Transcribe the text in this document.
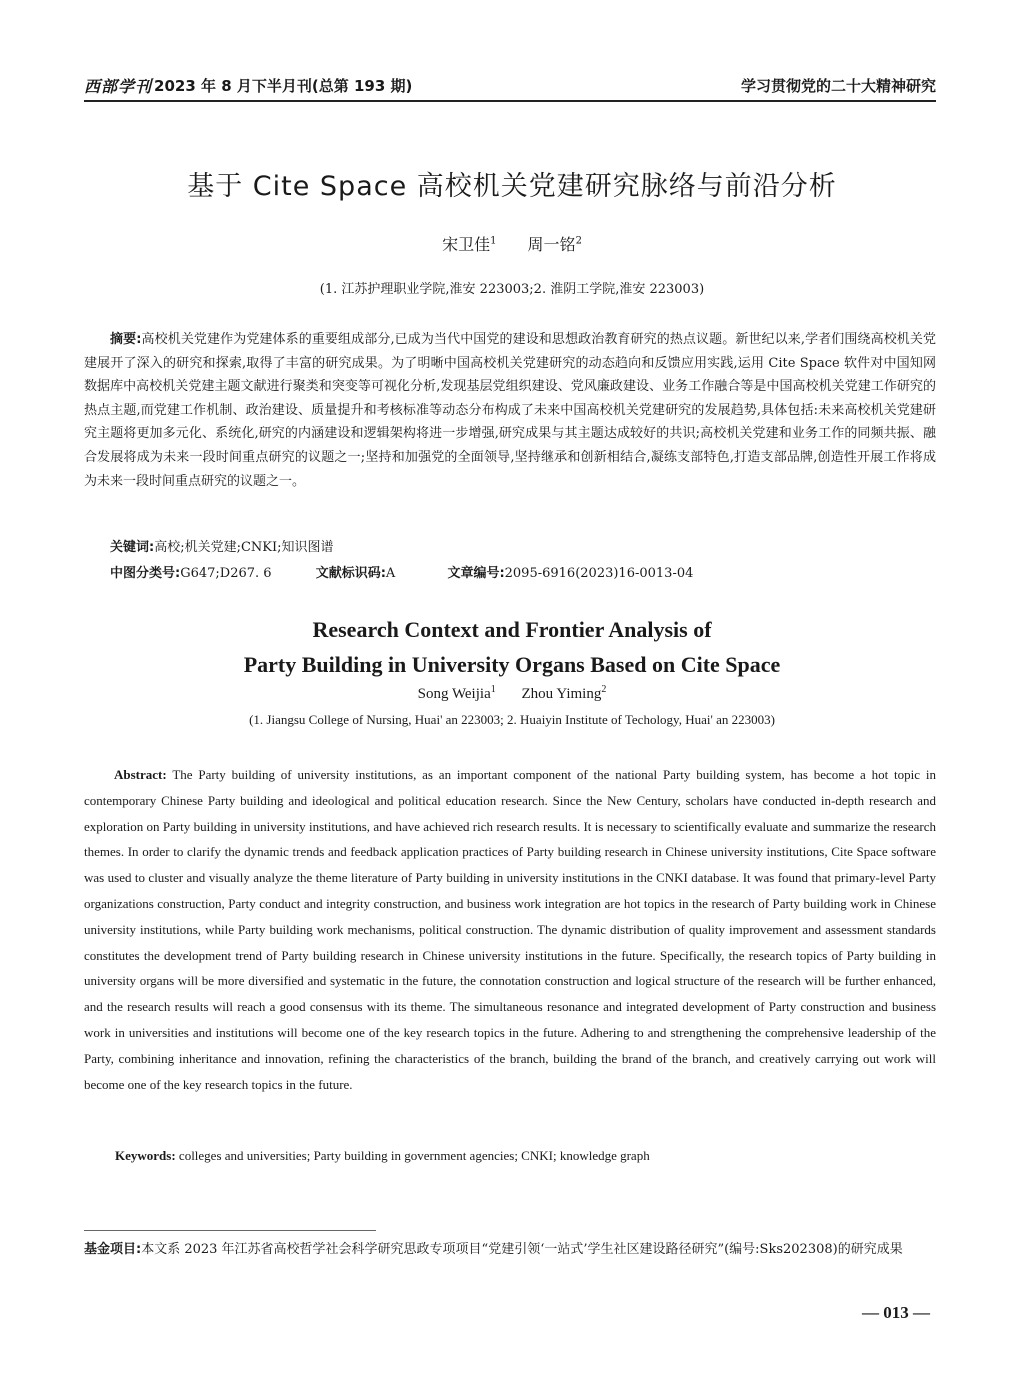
西部学刊 2023 年 8 月下半月刊(总第 193 期)	学习贯彻党的二十大精神研究
基于 Cite Space 高校机关党建研究脉络与前沿分析
宋卫佳$^1$ 周一铭$^2$
(1. 江苏护理职业学院,淮安 223003;2. 淮阴工学院,淮安 223003)
摘要:高校机关党建作为党建体系的重要组成部分,已成为当代中国党的建设和思想政治教育研究的热点议题。新世纪以来,学者们围绕高校机关党建展开了深入的研究和探索,取得了丰富的研究成果。为了明晰中国高校机关党建研究的动态趋向和反馈应用实践,运用 Cite Space 软件对中国知网数据库中高校机关党建主题文献进行聚类和突变等可视化分析,发现基层党组织建设、党风廉政建设、业务工作融合等是中国高校机关党建工作研究的热点主题,而党建工作机制、政治建设、质量提升和考核标准等动态分布构成了未来中国高校机关党建研究的发展趋势,具体包括:未来高校机关党建研究主题将更加多元化、系统化,研究的内涵建设和逻辑架构将进一步增强,研究成果与其主题达成较好的共识;高校机关党建和业务工作的同频共振、融合发展将成为未来一段时间重点研究的议题之一;坚持和加强党的全面领导,坚持继承和创新相结合,凝练支部特色,打造支部品牌,创造性开展工作将成为未来一段时间重点研究的议题之一。
关键词:高校;机关党建;CNKI;知识图谱
中图分类号:G647;D267. 6	文献标识码:A	文章编号:2095-6916(2023)16-0013-04
Research Context and Frontier Analysis of
Party Building in University Organs Based on Cite Space
Song Weijia$^1$ Zhou Yiming$^2$
(1. Jiangsu College of Nursing, Huai' an 223003; 2. Huaiyin Institute of Techology, Huai' an 223003)
Abstract: The Party building of university institutions, as an important component of the national Party building system, has become a hot topic in contemporary Chinese Party building and ideological and political education research. Since the New Century, scholars have conducted in-depth research and exploration on Party building in university institutions, and have achieved rich research results. It is necessary to scientifically evaluate and summarize the research themes. In order to clarify the dynamic trends and feedback application practices of Party building research in Chinese university institutions, Cite Space software was used to cluster and visually analyze the theme literature of Party building in university institutions in the CNKI database. It was found that primary-level Party organizations construction, Party conduct and integrity construction, and business work integration are hot topics in the research of Party building work in Chinese university institutions, while Party building work mechanisms, political construction. The dynamic distribution of quality improvement and assessment standards constitutes the development trend of Party building research in Chinese university institutions in the future. Specifically, the research topics of Party building in university organs will be more diversified and systematic in the future, the connotation construction and logical structure of the research will be further enhanced, and the research results will reach a good consensus with its theme. The simultaneous resonance and integrated development of Party construction and business work in universities and institutions will become one of the key research topics in the future. Adhering to and strengthening the comprehensive leadership of the Party, combining inheritance and innovation, refining the characteristics of the branch, building the brand of the branch, and creatively carrying out work will become one of the key research topics in the future.
Keywords: colleges and universities; Party building in government agencies; CNKI; knowledge graph
基金项目:本文系 2023 年江苏省高校哲学社会科学研究思政专项项目“党建引领‘一站式’学生社区建设路径研究”(编号:Sks202308)的研究成果
— 013 —
